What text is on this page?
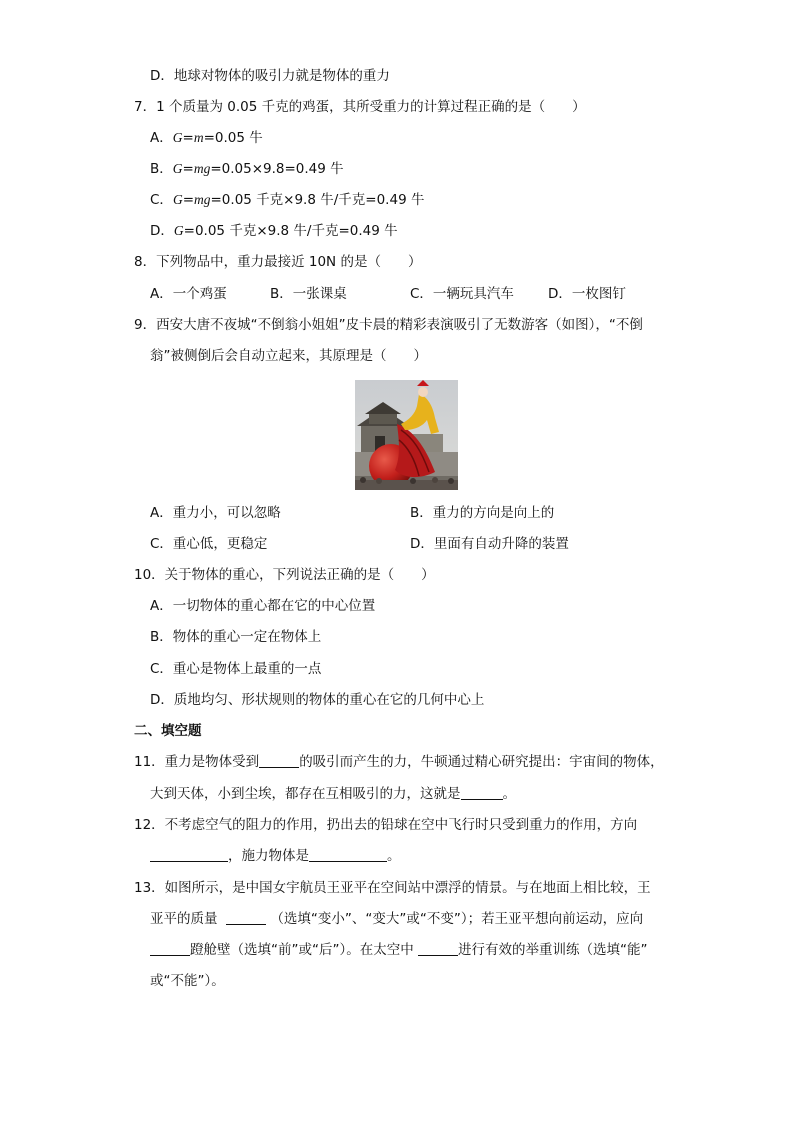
D．地球对物体的吸引力就是物体的重力
7．1 个质量为 0.05 千克的鸡蛋，其所受重力的计算过程正确的是（　　）
A．G=m=0.05 牛
B．G=mg=0.05×9.8=0.49 牛
C．G=mg=0.05 千克×9.8 牛/千克=0.49 牛
D．G=0.05 千克×9.8 牛/千克=0.49 牛
8．下列物品中，重力最接近 10N 的是（　　）
A．一个鸡蛋	B．一张课桌	C．一辆玩具汽车	D．一枚图钉
9．西安大唐不夜城“不倒翁小姐姐”皮卡晨的精彩表演吸引了无数游客（如图），“不倒
翁”被侧倒后会自动立起来，其原理是（　　）
A．重力小，可以忽略	B．重力的方向是向上的
C．重心低，更稳定	D．里面有自动升降的装置
10．关于物体的重心，下列说法正确的是（　　）
A．一切物体的重心都在它的中心位置
B．物体的重心一定在物体上
C．重心是物体上最重的一点
D．质地均匀、形状规则的物体的重心在它的几何中心上
二、填空题
11．重力是物体受到	的吸引而产生的力，牛顿通过精心研究提出：宇宙间的物体，
大到天体，小到尘埃，都存在互相吸引的力，这就是	。
12．不考虑空气的阻力的作用，扔出去的铅球在空中飞行时只受到重力的作用，方向
，施力物体是	。
13．如图所示，是中国女宇航员王亚平在空间站中漂浮的情景。与在地面上相比较，王
亚平的质量	（选填“变小”、“变大”或“不变”）；若王亚平想向前运动，应向
蹬舱壁（选填“前”或“后”）。在太空中	进行有效的举重训练（选填“能”
或“不能”）。
